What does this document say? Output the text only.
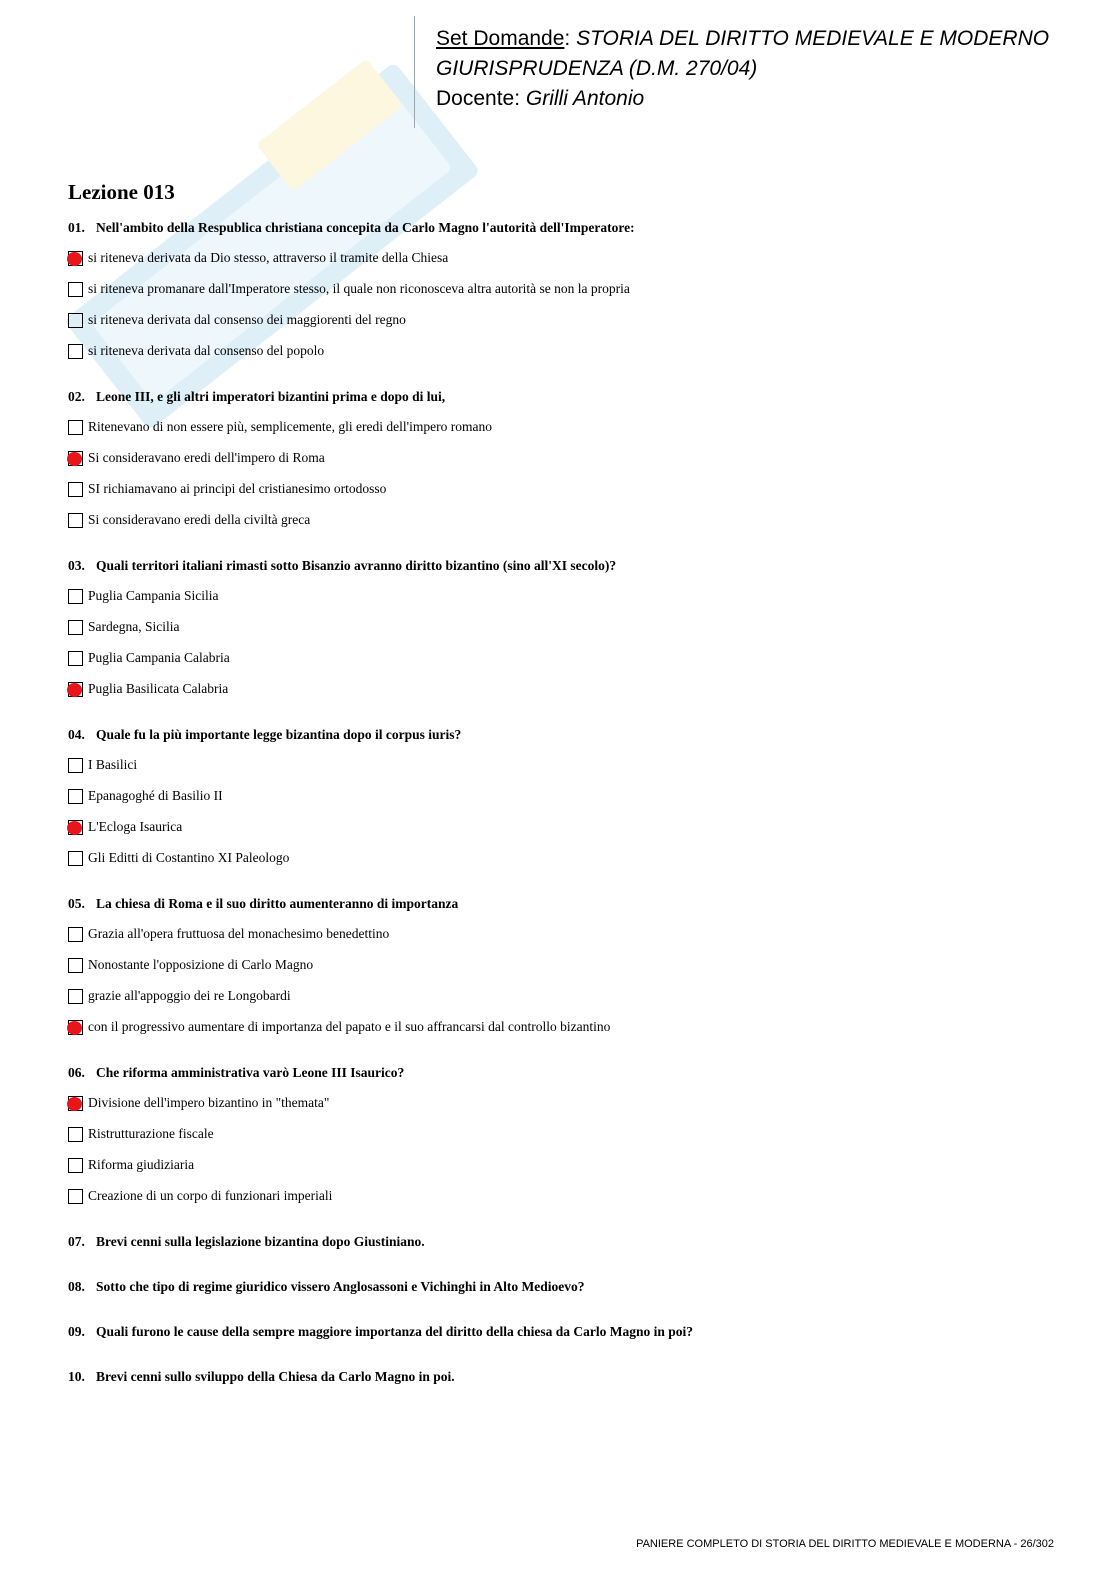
Set Domande: STORIA DEL DIRITTO MEDIEVALE E MODERNO
GIURISPRUDENZA (D.M. 270/04)
Docente: Grilli Antonio
Lezione 013
01. Nell'ambito della Respublica christiana concepita da Carlo Magno l'autorità dell'Imperatore:
si riteneva derivata da Dio stesso, attraverso il tramite della Chiesa
si riteneva promanare dall'Imperatore stesso, il quale non riconosceva altra autorità se non la propria
si riteneva derivata dal consenso dei maggiorenti del regno
si riteneva derivata dal consenso del popolo
02. Leone III, e gli altri imperatori bizantini prima e dopo di lui,
Ritenevano di non essere più, semplicemente, gli eredi dell'impero romano
Si consideravano eredi dell'impero di Roma
SI richiamavano ai principi del cristianesimo ortodosso
Si consideravano eredi della civiltà greca
03. Quali territori italiani rimasti sotto Bisanzio avranno diritto bizantino (sino all'XI secolo)?
Puglia Campania Sicilia
Sardegna, Sicilia
Puglia Campania Calabria
Puglia Basilicata Calabria
04. Quale fu la più importante legge bizantina dopo il corpus iuris?
I Basilici
Epanagoghé di Basilio II
L'Ecloga Isaurica
Gli Editti di Costantino XI Paleologo
05. La chiesa di Roma e il suo diritto aumenteranno di importanza
Grazia all'opera fruttuosa del monachesimo benedettino
Nonostante l'opposizione di Carlo Magno
grazie all'appoggio dei re Longobardi
con il progressivo aumentare di importanza del papato e il suo affrancarsi dal controllo bizantino
06. Che riforma amministrativa varò Leone III Isaurico?
Divisione dell'impero bizantino in "themata"
Ristrutturazione fiscale
Riforma giudiziaria
Creazione di un corpo di funzionari imperiali
07. Brevi cenni sulla legislazione bizantina dopo Giustiniano.
08. Sotto che tipo di regime giuridico vissero Anglosassoni e Vichinghi in Alto Medioevo?
09. Quali furono le cause della sempre maggiore importanza del diritto della chiesa da Carlo Magno in poi?
10. Brevi cenni sullo sviluppo della Chiesa da Carlo Magno in poi.
PANIERE COMPLETO DI STORIA DEL DIRITTO MEDIEVALE E MODERNA - 26/302
